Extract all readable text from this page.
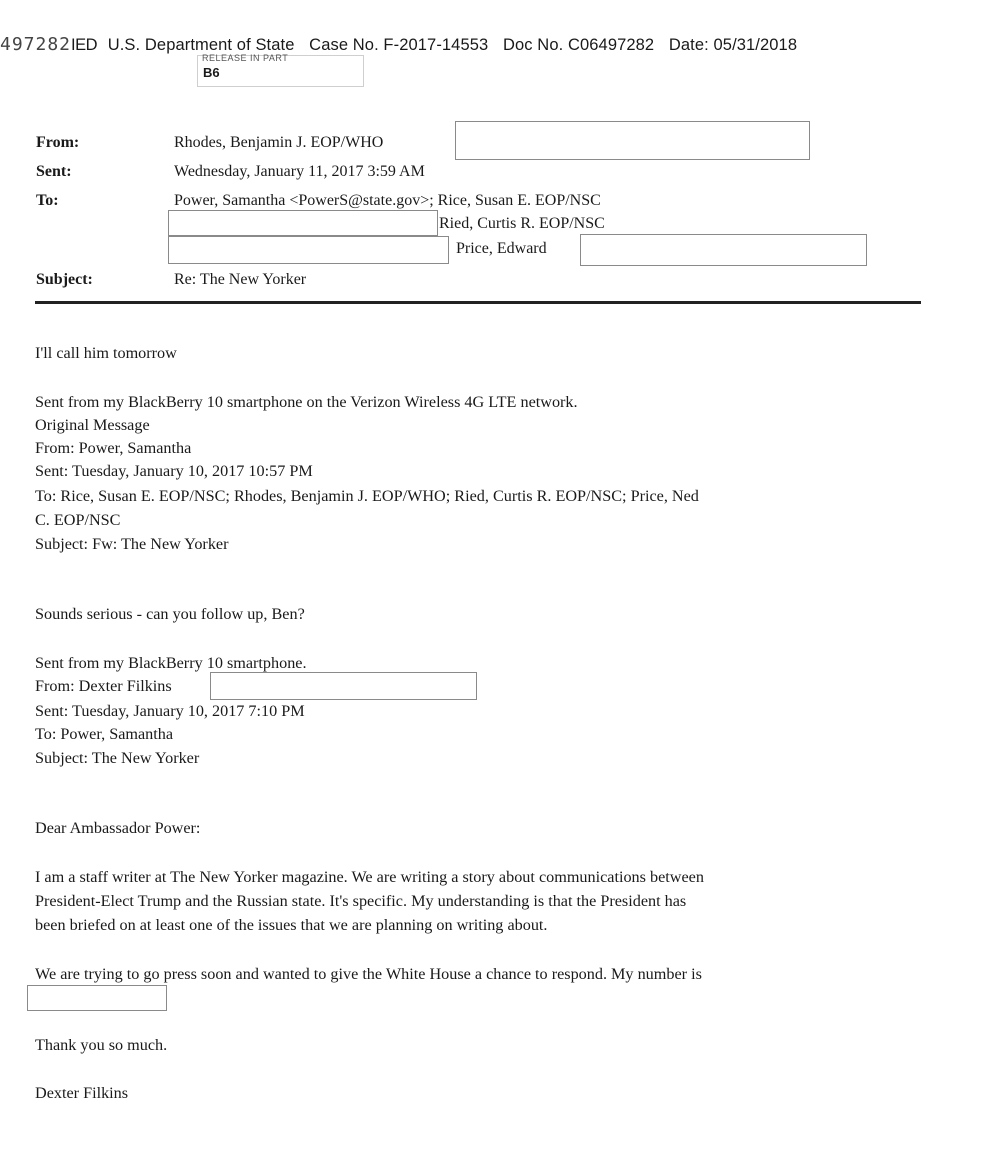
497282IED U.S. Department of State Case No. F-2017-14553 Doc No. C06497282 Date: 05/31/2018
RELEASE IN PART
B6
From:	Rhodes, Benjamin J. EOP/WHO
Sent:	Wednesday, January 11, 2017 3:59 AM
To:	Power, Samantha <PowerS@state.gov>; Rice, Susan E. EOP/NSC
Ried, Curtis R. EOP/NSC
Price, Edward
Subject:	Re: The New Yorker
I'll call him tomorrow
Sent from my BlackBerry 10 smartphone on the Verizon Wireless 4G LTE network.
Original Message
From: Power, Samantha
Sent: Tuesday, January 10, 2017 10:57 PM
To: Rice, Susan E. EOP/NSC; Rhodes, Benjamin J. EOP/WHO; Ried, Curtis R. EOP/NSC; Price, Ned
C. EOP/NSC
Subject: Fw: The New Yorker
Sounds serious - can you follow up, Ben?
Sent from my BlackBerry 10 smartphone.
From: Dexter Filkins
Sent: Tuesday, January 10, 2017 7:10 PM
To: Power, Samantha
Subject: The New Yorker
Dear Ambassador Power:
I am a staff writer at The New Yorker magazine. We are writing a story about communications between
President-Elect Trump and the Russian state. It's specific. My understanding is that the President has
been briefed on at least one of the issues that we are planning on writing about.
We are trying to go press soon and wanted to give the White House a chance to respond. My number is
Thank you so much.
Dexter Filkins
